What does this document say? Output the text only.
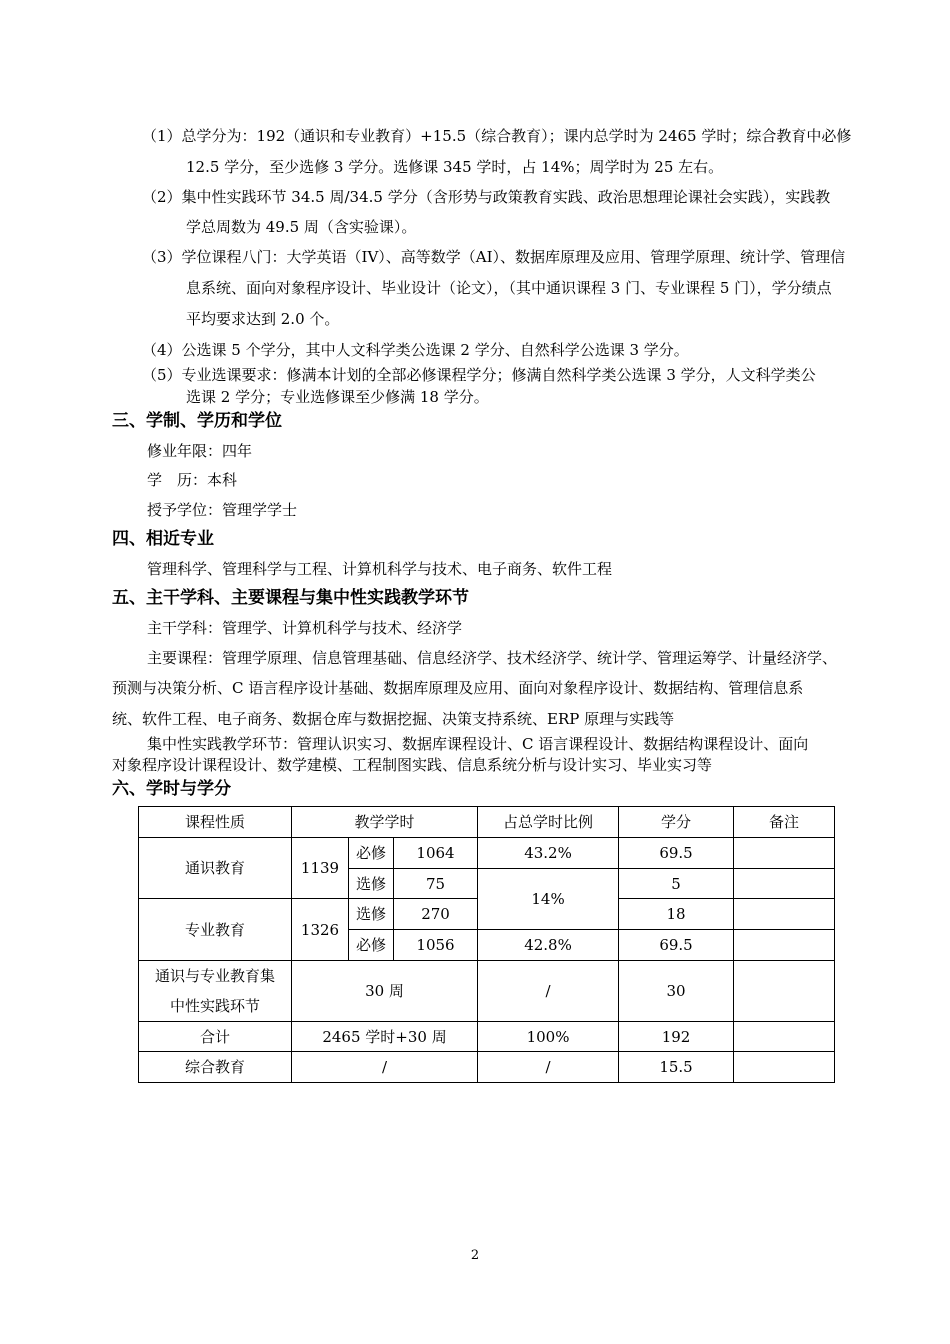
（1）总学分为：192（通识和专业教育）+15.5（综合教育）；课内总学时为 2465 学时；综合教育中必修
12.5 学分，至少选修 3 学分。选修课 345 学时，占 14%；周学时为 25 左右。
（2）集中性实践环节 34.5 周/34.5 学分（含形势与政策教育实践、政治思想理论课社会实践），实践教
学总周数为 49.5 周（含实验课）。
（3）学位课程八门：大学英语（IV）、高等数学（AI）、数据库原理及应用、管理学原理、统计学、管理信
息系统、面向对象程序设计、毕业设计（论文），（其中通识课程 3 门、专业课程 5 门），学分绩点
平均要求达到 2.0 个。
（4）公选课 5 个学分，其中人文科学类公选课 2 学分、自然科学公选课 3 学分。
（5）专业选课要求：修满本计划的全部必修课程学分；修满自然科学类公选课 3 学分，人文科学类公
选课 2 学分；专业选修课至少修满 18 学分。
三、学制、学历和学位
修业年限：四年
学　历：本科
授予学位：管理学学士
四、相近专业
管理科学、管理科学与工程、计算机科学与技术、电子商务、软件工程
五、主干学科、主要课程与集中性实践教学环节
主干学科：管理学、计算机科学与技术、经济学
主要课程：管理学原理、信息管理基础、信息经济学、技术经济学、统计学、管理运筹学、计量经济学、
预测与决策分析、C 语言程序设计基础、数据库原理及应用、面向对象程序设计、数据结构、管理信息系
统、软件工程、电子商务、数据仓库与数据挖掘、决策支持系统、ERP 原理与实践等
集中性实践教学环节：管理认识实习、数据库课程设计、C 语言课程设计、数据结构课程设计、面向
对象程序设计课程设计、数学建模、工程制图实践、信息系统分析与设计实习、毕业实习等
六、学时与学分
课程性质	教学学时			占总学时比例	学分	备注
通识教育	1139	必修	1064	43.2%	69.5	
		选修	75	14%	5	
专业教育	1326	选修	270		18	
		必修	1056	42.8%	69.5	

通识与专业教育集
中性实践环节	30 周			/	30	
合计	2465 学时+30 周			100%	192	
综合教育	/			/	15.5	
2
